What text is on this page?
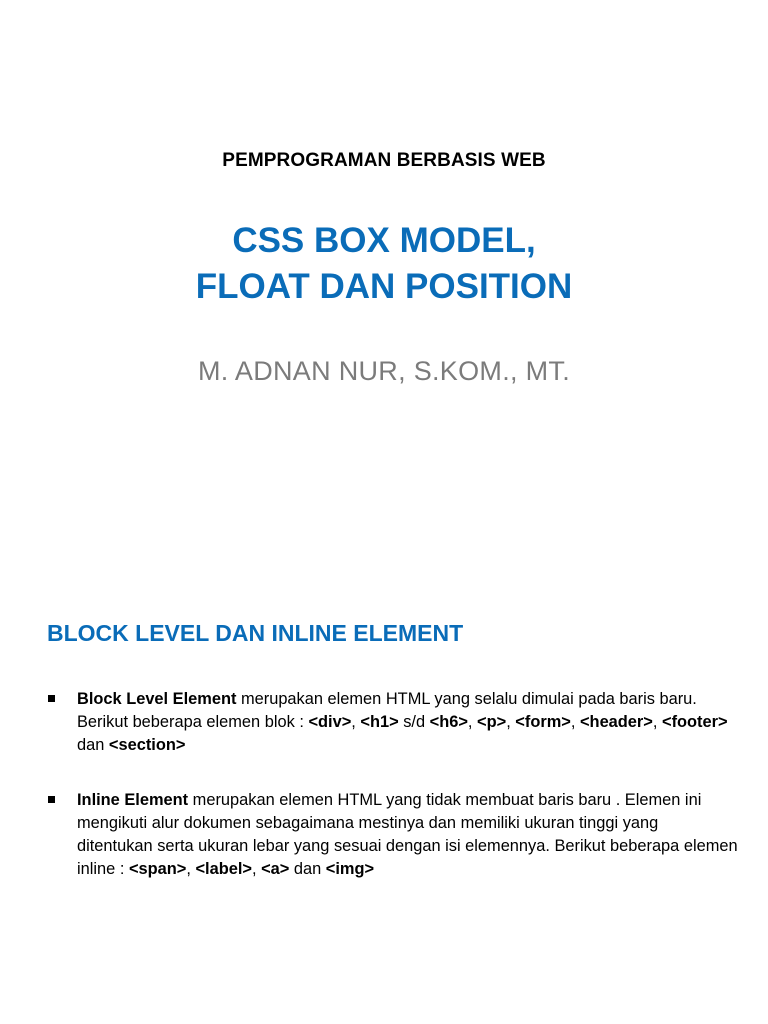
PEMPROGRAMAN BERBASIS WEB
CSS BOX MODEL,
FLOAT DAN POSITION
M. ADNAN NUR, S.KOM., MT.
BLOCK LEVEL DAN INLINE ELEMENT
Block Level Element merupakan elemen HTML yang selalu dimulai pada baris baru. Berikut beberapa elemen blok : <div>, <h1> s/d <h6>, <p>, <form>, <header>, <footer> dan <section>
Inline Element merupakan elemen HTML yang tidak membuat baris baru . Elemen ini mengikuti alur dokumen sebagaimana mestinya dan memiliki ukuran tinggi yang ditentukan serta ukuran lebar yang sesuai dengan isi elemennya. Berikut beberapa elemen inline : <span>, <label>, <a> dan <img>
